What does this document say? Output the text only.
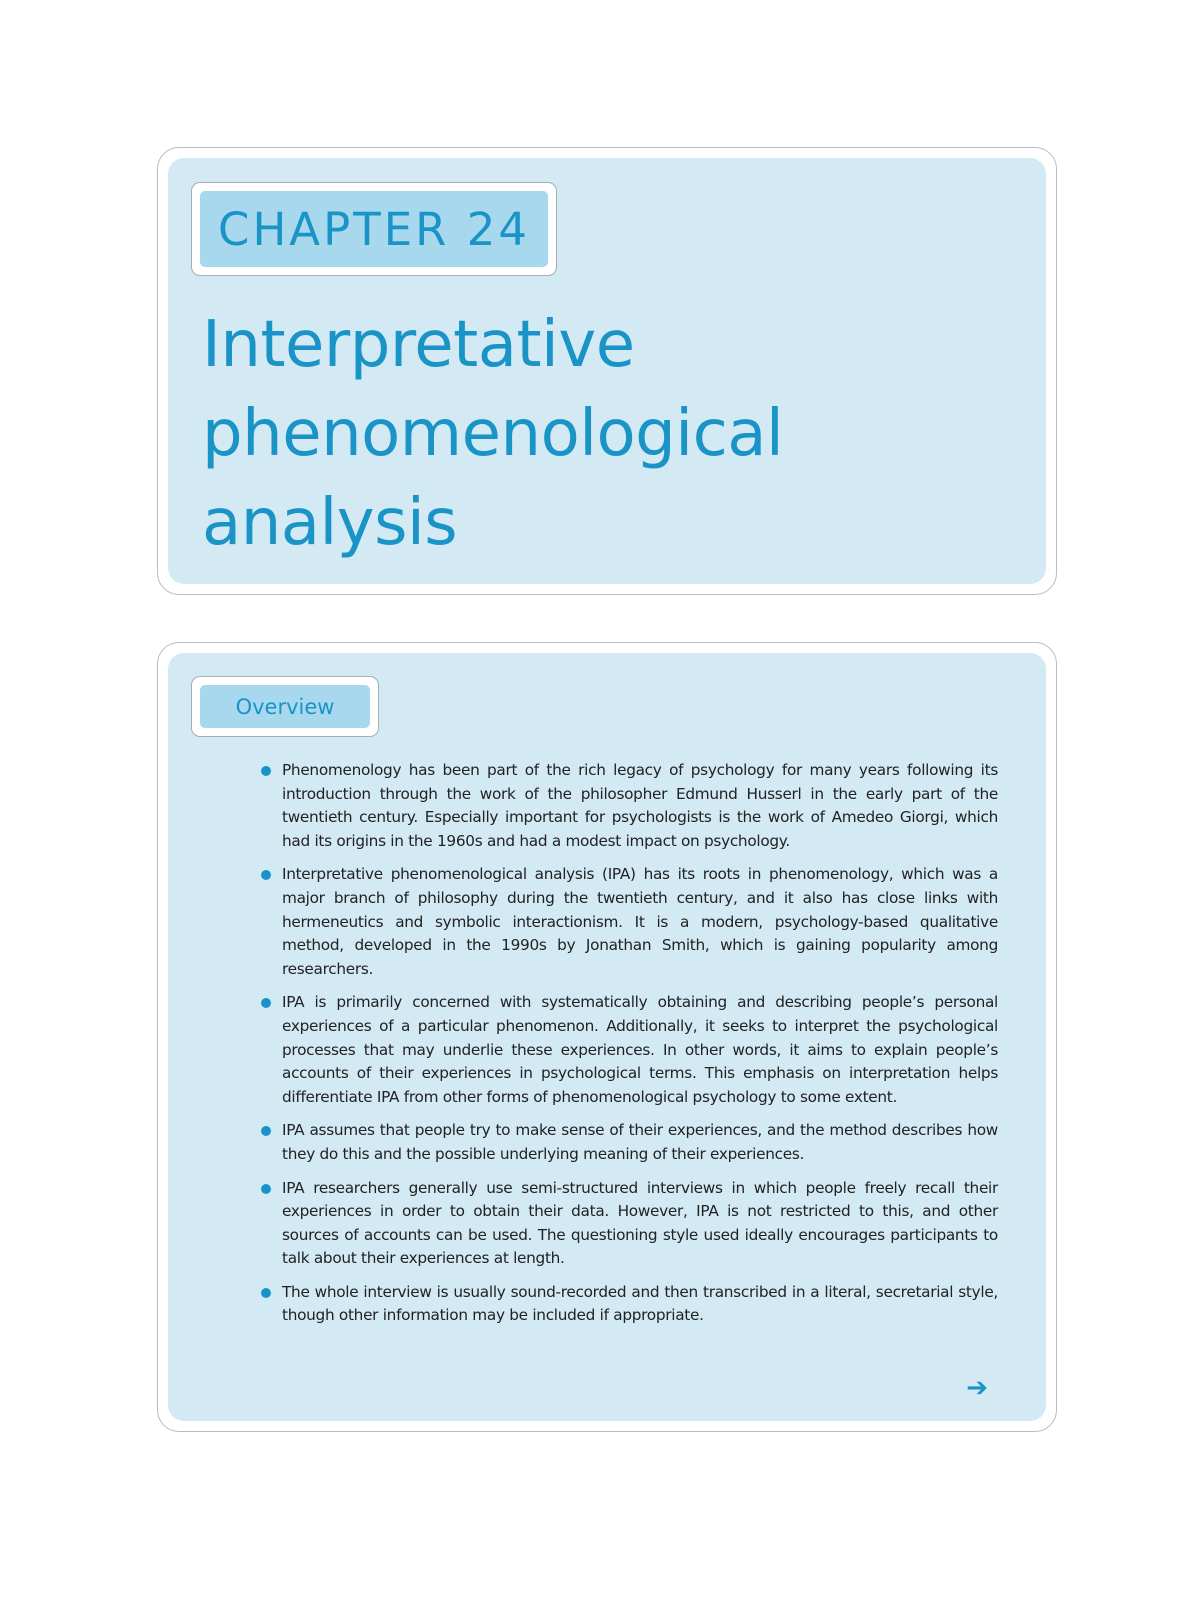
CHAPTER 24
Interpretative
phenomenological
analysis
Overview
Phenomenology has been part of the rich legacy of psychology for many years following its introduction through the work of the philosopher Edmund Husserl in the early part of the twentieth century. Especially important for psychologists is the work of Amedeo Giorgi, which had its origins in the 1960s and had a modest impact on psychology.
Interpretative phenomenological analysis (IPA) has its roots in phenomenology, which was a major branch of philosophy during the twentieth century, and it also has close links with hermeneutics and symbolic interactionism. It is a modern, psychology-based qualitative method, developed in the 1990s by Jonathan Smith, which is gaining popularity among researchers.
IPA is primarily concerned with systematically obtaining and describing people’s personal experiences of a particular phenomenon. Additionally, it seeks to interpret the psychological processes that may underlie these experiences. In other words, it aims to explain people’s accounts of their experiences in psychological terms. This emphasis on interpretation helps differentiate IPA from other forms of phenomenological psychology to some extent.
IPA assumes that people try to make sense of their experiences, and the method describes how they do this and the possible underlying meaning of their experiences.
IPA researchers generally use semi-structured interviews in which people freely recall their experiences in order to obtain their data. However, IPA is not restricted to this, and other sources of accounts can be used. The questioning style used ideally encourages participants to talk about their experiences at length.
The whole interview is usually sound-recorded and then transcribed in a literal, secretarial style, though other information may be included if appropriate.
➔
